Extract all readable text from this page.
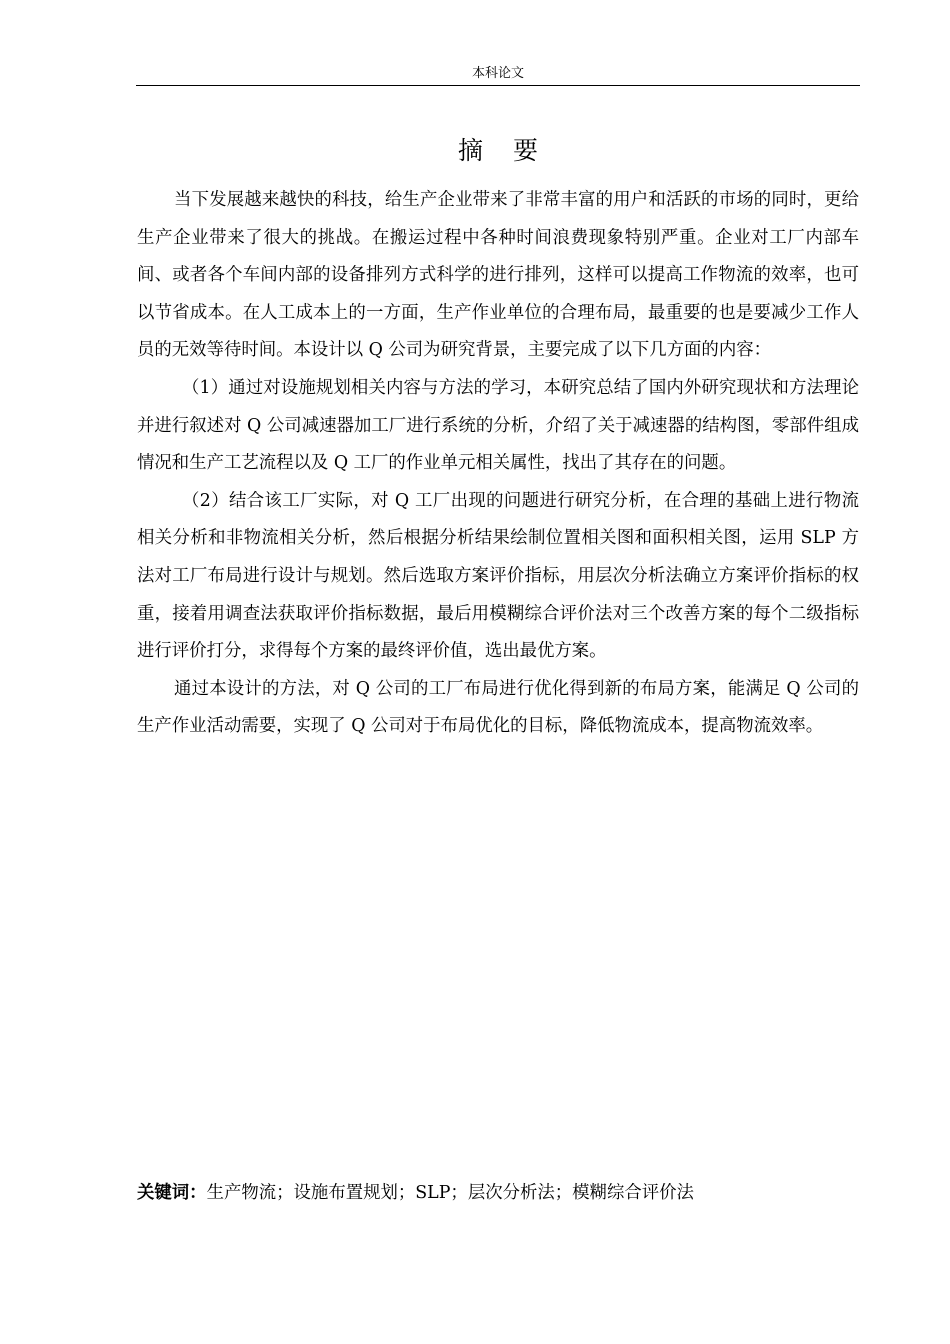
本科论文
摘要

当下发展越来越快的科技，给生产企业带来了非常丰富的用户和活跃的市场的同时，更给生产企业带来了很大的挑战。在搬运过程中各种时间浪费现象特别严重。企业对工厂内部车间、或者各个车间内部的设备排列方式科学的进行排列，这样可以提高工作物流的效率，也可以节省成本。在人工成本上的一方面，生产作业单位的合理布局，最重要的也是要减少工作人员的无效等待时间。本设计以 Q 公司为研究背景，主要完成了以下几方面的内容：

（1）通过对设施规划相关内容与方法的学习，本研究总结了国内外研究现状和方法理论并进行叙述对 Q 公司减速器加工厂进行系统的分析，介绍了关于减速器的结构图，零部件组成情况和生产工艺流程以及 Q 工厂的作业单元相关属性，找出了其存在的问题。

（2）结合该工厂实际，对 Q 工厂出现的问题进行研究分析，在合理的基础上进行物流相关分析和非物流相关分析，然后根据分析结果绘制位置相关图和面积相关图，运用 SLP 方法对工厂布局进行设计与规划。然后选取方案评价指标，用层次分析法确立方案评价指标的权重，接着用调查法获取评价指标数据，最后用模糊综合评价法对三个改善方案的每个二级指标进行评价打分，求得每个方案的最终评价值，选出最优方案。

通过本设计的方法，对 Q 公司的工厂布局进行优化得到新的布局方案，能满足 Q 公司的生产作业活动需要，实现了 Q 公司对于布局优化的目标，降低物流成本，提高物流效率。

关键词：生产物流；设施布置规划；SLP；层次分析法；模糊综合评价法
